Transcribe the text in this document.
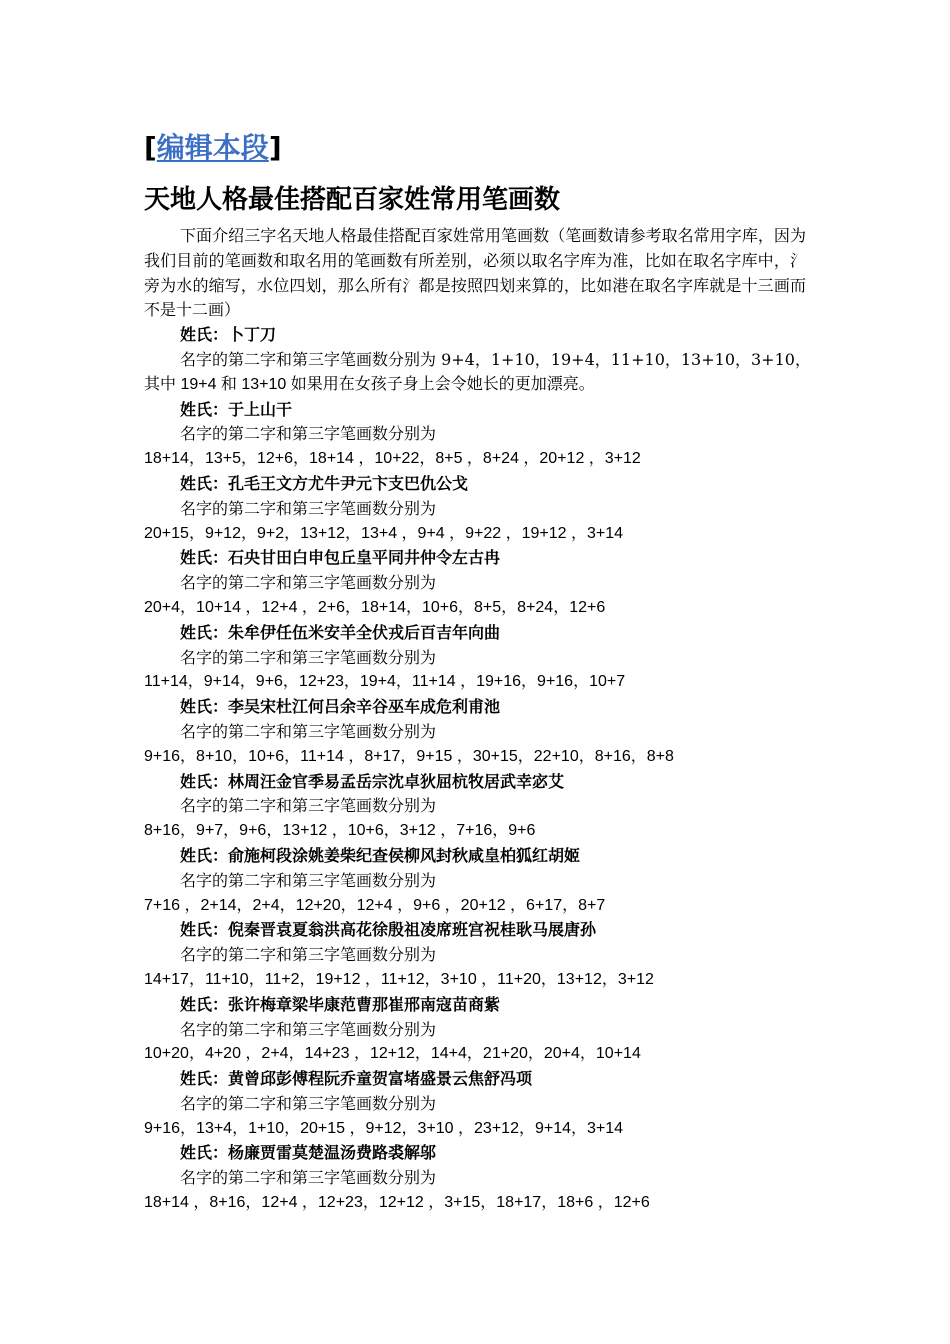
[编辑本段]
天地人格最佳搭配百家姓常用笔画数

下面介绍三字名天地人格最佳搭配百家姓常用笔画数（笔画数请参考取名常用字库，因为我们目前的笔画数和取名用的笔画数有所差别，必须以取名字库为准，比如在取名字库中，氵旁为水的缩写，水位四划，那么所有氵都是按照四划来算的，比如港在取名字库就是十三画而不是十二画）

姓氏：卜丁刀
名字的第二字和第三字笔画数分别为 9+4，1+10，19+4，11+10，13+10，3+10，
其中 19+4 和 13+10 如果用在女孩子身上会令她长的更加漂亮。
姓氏：于上山干
名字的第二字和第三字笔画数分别为
18+14，13+5，12+6，18+14 ，10+22，8+5 ，8+24 ，20+12 ，3+12
姓氏：孔毛王文方尤牛尹元卞支巴仇公戈
名字的第二字和第三字笔画数分别为
20+15，9+12，9+2，13+12，13+4 ，9+4 ，9+22 ，19+12 ，3+14
姓氏：石央甘田白申包丘皇平同井仲令左古冉
名字的第二字和第三字笔画数分别为
20+4，10+14 ，12+4 ，2+6，18+14，10+6，8+5，8+24，12+6
姓氏：朱牟伊任伍米安羊全伏戎后百吉年向曲
名字的第二字和第三字笔画数分别为
11+14，9+14，9+6，12+23，19+4，11+14 ，19+16，9+16，10+7
姓氏：李吴宋杜江何吕余辛谷巫车成危利甫池
名字的第二字和第三字笔画数分别为
9+16，8+10，10+6，11+14 ，8+17，9+15 ，30+15，22+10，8+16，8+8
姓氏：林周汪金官季易孟岳宗沈卓狄屈杭牧居武幸宓艾
名字的第二字和第三字笔画数分别为
8+16，9+7，9+6，13+12 ，10+6，3+12 ，7+16，9+6
姓氏：俞施柯段涂姚姜柴纪查侯柳风封秋咸皇柏狐红胡姬
名字的第二字和第三字笔画数分别为
7+16 ，2+14，2+4，12+20，12+4 ，9+6 ，20+12 ，6+17，8+7
姓氏：倪秦晋袁夏翁洪高花徐殷祖凌席班宫祝桂耿马展唐孙
名字的第二字和第三字笔画数分别为
14+17，11+10，11+2，19+12 ，11+12，3+10 ，11+20，13+12，3+12
姓氏：张许梅章梁毕康范曹那崔邢南寇苗商紫
名字的第二字和第三字笔画数分别为
10+20，4+20 ，2+4，14+23 ，12+12，14+4，21+20，20+4，10+14
姓氏：黄曾邱彭傅程阮乔童贺富堵盛景云焦舒冯项
名字的第二字和第三字笔画数分别为
9+16，13+4，1+10，20+15 ，9+12，3+10 ，23+12，9+14，3+14
姓氏：杨廉贾雷莫楚温汤费路裘解邬
名字的第二字和第三字笔画数分别为
18+14 ，8+16，12+4 ，12+23，12+12 ，3+15，18+17，18+6 ，12+6
